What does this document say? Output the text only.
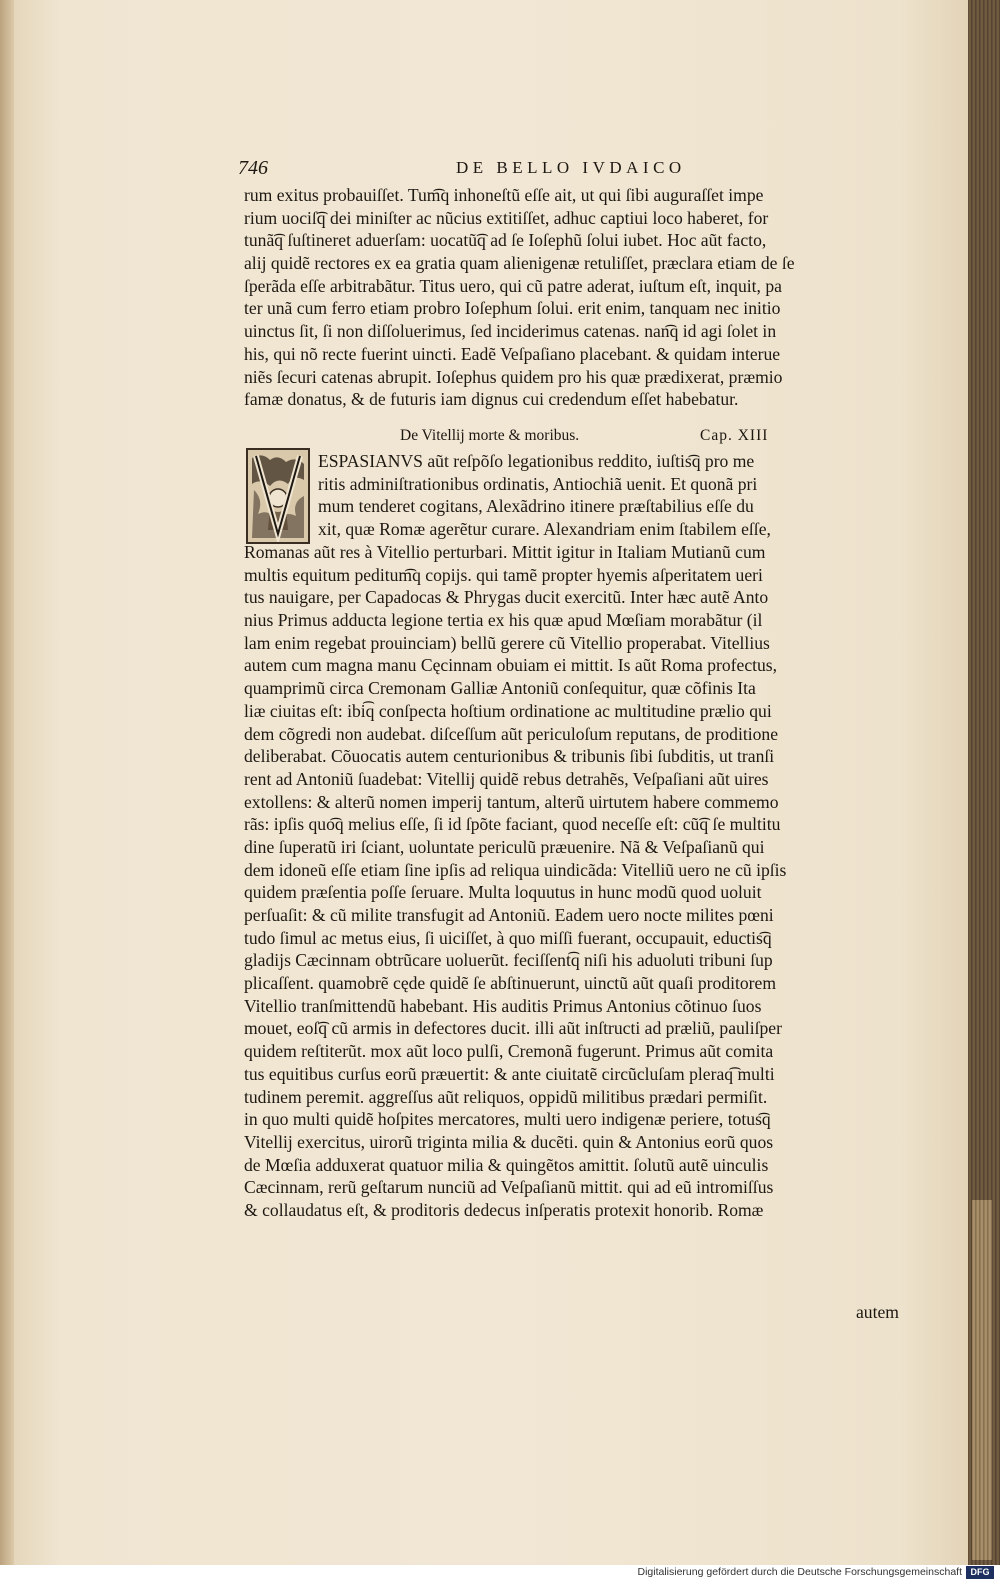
746	DE BELLO IVDAICO
rum exitus probauiſſet. Tum͡q inhoneſtũ eſſe ait, ut qui ſibi auguraſſet impe
rium uociſ͡q dei miniſter ac nũcius extitiſſet, adhuc captiui loco haberet, for
tunã͡q ſuſtineret aduerſam: uocatũ͡q ad ſe Ioſephũ ſolui iubet. Hoc aũt facto,
alij quidẽ rectores ex ea gratia quam alienigenæ retuliſſet, præclara etiam de ſe
ſperãda eſſe arbitrabãtur. Titus uero, qui cũ patre aderat, iuſtum eſt, inquit, pa
ter unã cum ferro etiam probro Ioſephum ſolui. erit enim, tanquam nec initio
uinctus ſit, ſi non diſſoluerimus, ſed inciderimus catenas. nan͡q id agi ſolet in
his, qui nõ recte fuerint uincti. Eadẽ Veſpaſiano placebant. & quidam interue
niẽs ſecuri catenas abrupit. Ioſephus quidem pro his quæ prædixerat, præmio
famæ donatus, & de futuris iam dignus cui credendum eſſet habebatur.
De Vitellij morte & moribus.	Cap. XIII
ESPASIANVS aũt reſpõſo legationibus reddito, iuſtis͡q pro me
ritis adminiſtrationibus ordinatis, Antiochiã uenit. Et quonã pri
mum tenderet cogitans, Alexãdrino itinere præſtabilius eſſe du
xit, quæ Romæ agerẽtur curare. Alexandriam enim ſtabilem eſſe,
Romanas aũt res à Vitellio perturbari. Mittit igitur in Italiam Mutianũ cum
multis equitum peditum͡q copijs. qui tamẽ propter hyemis aſperitatem ueri
tus nauigare, per Capadocas & Phrygas ducit exercitũ. Inter hæc autẽ Anto
nius Primus adducta legione tertia ex his quæ apud Mœſiam morabãtur (il
lam enim regebat prouinciam) bellũ gerere cũ Vitellio properabat. Vitellius
autem cum magna manu Cęcinnam obuiam ei mittit. Is aũt Roma profectus,
quamprimũ circa Cremonam Galliæ Antoniũ conſequitur, quæ cõfinis Ita
liæ ciuitas eſt: ibi͡q conſpecta hoſtium ordinatione ac multitudine prælio qui
dem cõgredi non audebat. diſceſſum aũt periculoſum reputans, de proditione
deliberabat. Cõuocatis autem centurionibus & tribunis ſibi ſubditis, ut tranſi
rent ad Antoniũ ſuadebat: Vitellij quidẽ rebus detrahẽs, Veſpaſiani aũt uires
extollens: & alterũ nomen imperij tantum, alterũ uirtutem habere commemo
rãs: ipſis quo͡q melius eſſe, ſi id ſpõte faciant, quod neceſſe eſt: cũ͡q ſe multitu
dine ſuperatũ iri ſciant, uoluntate periculũ præuenire. Nã & Veſpaſianũ qui
dem idoneũ eſſe etiam ſine ipſis ad reliqua uindicãda: Vitelliũ uero ne cũ ipſis
quidem præſentia poſſe ſeruare. Multa loquutus in hunc modũ quod uoluit
perſuaſit: & cũ milite transfugit ad Antoniũ. Eadem uero nocte milites pœni
tudo ſimul ac metus eius, ſi uiciſſet, à quo miſſi fuerant, occupauit, eductis͡q
gladijs Cæcinnam obtrũcare uoluerũt. feciſſent͡q niſi his aduoluti tribuni ſup
plicaſſent. quamobrẽ cęde quidẽ ſe abſtinuerunt, uinctũ aũt quaſi proditorem
Vitellio tranſmittendũ habebant. His auditis Primus Antonius cõtinuo ſuos
mouet, eoſ͡q cũ armis in defectores ducit. illi aũt inſtructi ad præliũ, pauliſper
quidem reſtiterũt. mox aũt loco pulſi, Cremonã fugerunt. Primus aũt comita
tus equitibus curſus eorũ præuertit: & ante ciuitatẽ circũcluſam pleraq͡ multi
tudinem peremit. aggreſſus aũt reliquos, oppidũ militibus prædari permiſit.
in quo multi quidẽ hoſpites mercatores, multi uero indigenæ periere, totus͡q
Vitellij exercitus, uirorũ triginta milia & ducẽti. quin & Antonius eorũ quos
de Mœſia adduxerat quatuor milia & quingẽtos amittit. ſolutũ autẽ uinculis
Cæcinnam, rerũ geſtarum nunciũ ad Veſpaſianũ mittit. qui ad eũ intromiſſus
& collaudatus eſt, & proditoris dedecus inſperatis protexit honorib. Romæ
autem
Digitalisierung gefördert durch die Deutsche Forschungsgemeinschaft DFG
